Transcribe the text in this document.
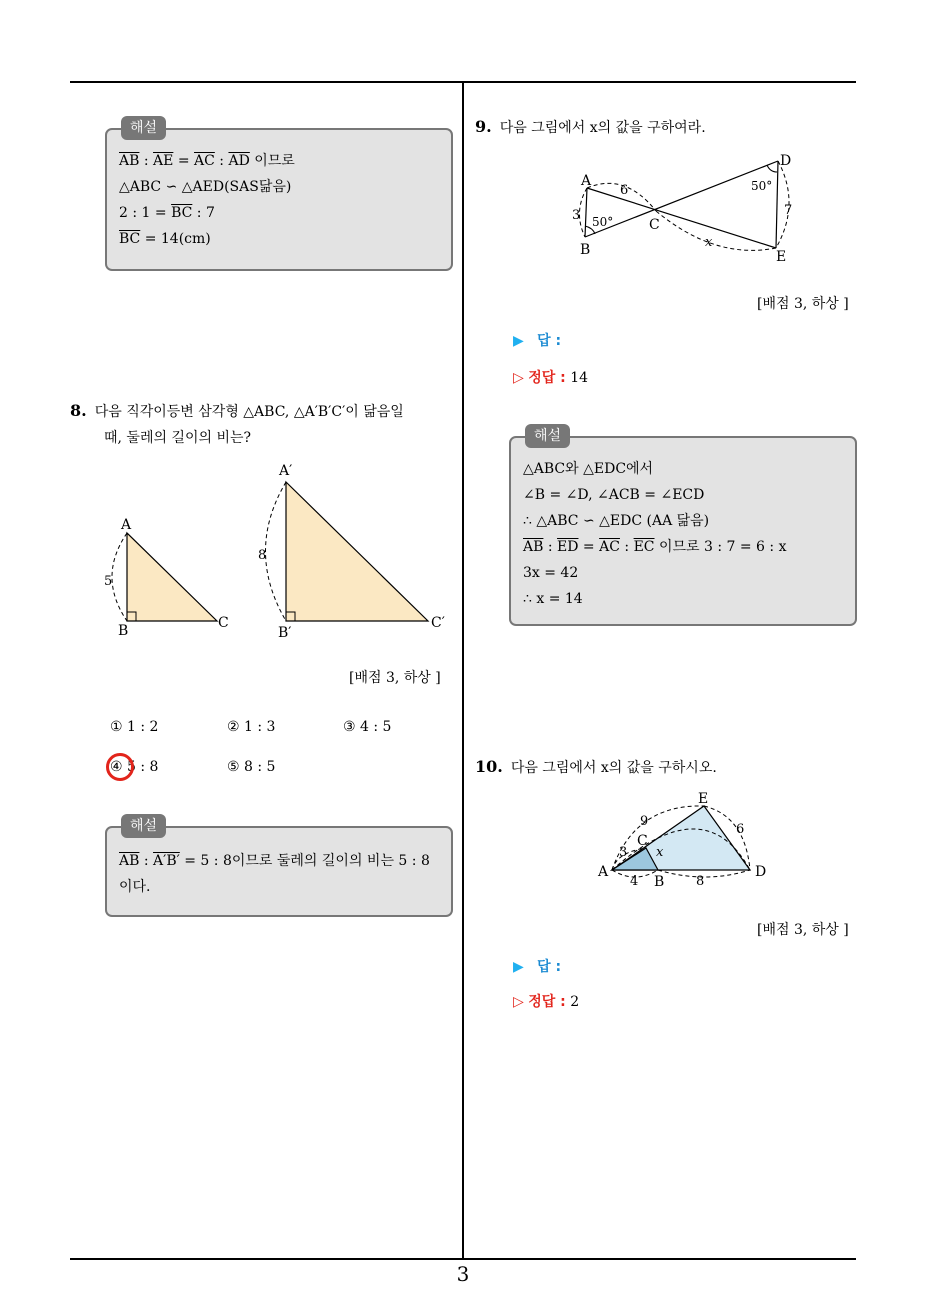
해설
$\overline{AB}$ : $\overline{AE} = \overline{AC}$ : $\overline{AD}$ 이므로
△ABC ∽ △AED(SAS닮음)
2 : $1 = \overline{BC}$ : 7
$\overline{BC} = 14(cm)$
8. 다음 직각이등변 삼각형 △ABC, △A′B′C′이 닮음일
때, 둘레의 길이의 비는?
A
B	C
5
A′
B′
C′
8
[배점 3, 하상 ]
① 1 : 2	② 1 : 3	③ 4 : 5
④ 5 : 8	⑤ 8 : 5
해설
$\overline{AB}$ : A′B′ = 5 : 8이므로 둘레의 길이의 비는 5 : 8
이다.
9. 다음 그림에서 x의 값을 구하여라.
A
B
C
D
E
6
3 50°
50°
7
x
[배점 3, 하상 ]
▶ 답 :
▷ 정답 : 14
해설
△ABC와 △EDC에서
∠B = ∠D, ∠ACB = ∠ECD
∴ △ABC ∽ △EDC (AA 닮음)
$\overline{AB}$ : $\overline{ED} = \overline{AC}$ : $\overline{EC}$ 이므로 3 : 7 = 6 : x
3x = 42
∴ x = 14
10. 다음 그림에서 x의 값을 구하시오.
E
C
A
B
D
9
6
3 x
4	8
[배점 3, 하상 ]
▶ 답 :
▷ 정답 : 2
3
